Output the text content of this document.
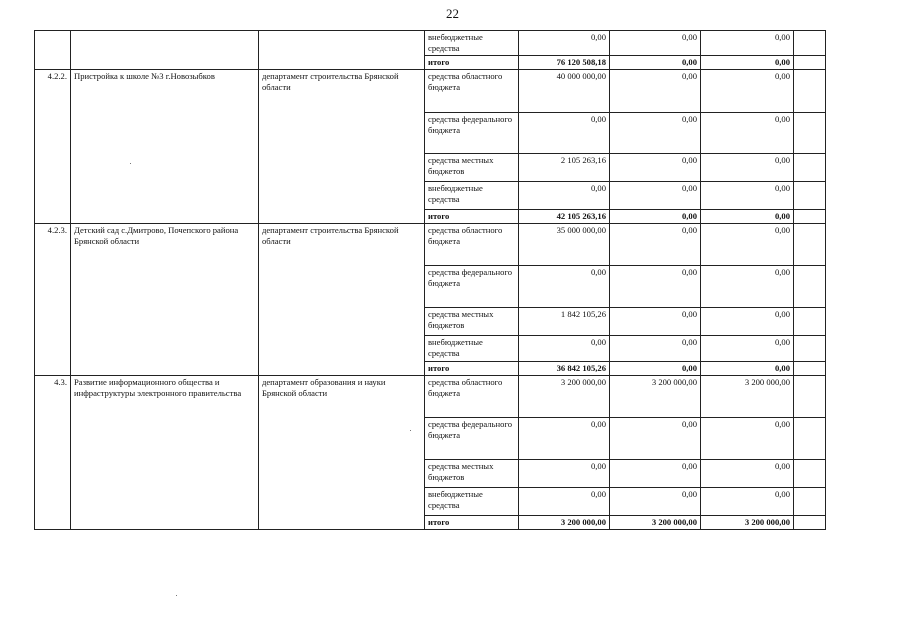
22
			внебюджетные средства	0,00	0,00	0,00	
			итого	76 120 508,18	0,00	0,00	
4.2.2.	Пристройка к школе №3 г.Новозыбков	департамент строительства Брянской области	средства областного бюджета	40 000 000,00	0,00	0,00	
			средства федерального бюджета	0,00	0,00	0,00	
			средства местных бюджетов	2 105 263,16	0,00	0,00	
			внебюджетные средства	0,00	0,00	0,00	
			итого	42 105 263,16	0,00	0,00	
4.2.3.	Детский сад с.Дмитрово, Почепского района Брянской области	департамент строительства Брянской области	средства областного бюджета	35 000 000,00	0,00	0,00	
			средства федерального бюджета	0,00	0,00	0,00	
			средства местных бюджетов	1 842 105,26	0,00	0,00	
			внебюджетные средства	0,00	0,00	0,00	
			итого	36 842 105,26	0,00	0,00	
4.3.	Развитие информационного общества и инфраструктуры электронного правительства	департамент образования и науки Брянской области	средства областного бюджета	3 200 000,00	3 200 000,00	3 200 000,00	
			средства федерального бюджета	0,00	0,00	0,00	
			средства местных бюджетов	0,00	0,00	0,00	
			внебюджетные средства	0,00	0,00	0,00	
			итого	3 200 000,00	3 200 000,00	3 200 000,00	
